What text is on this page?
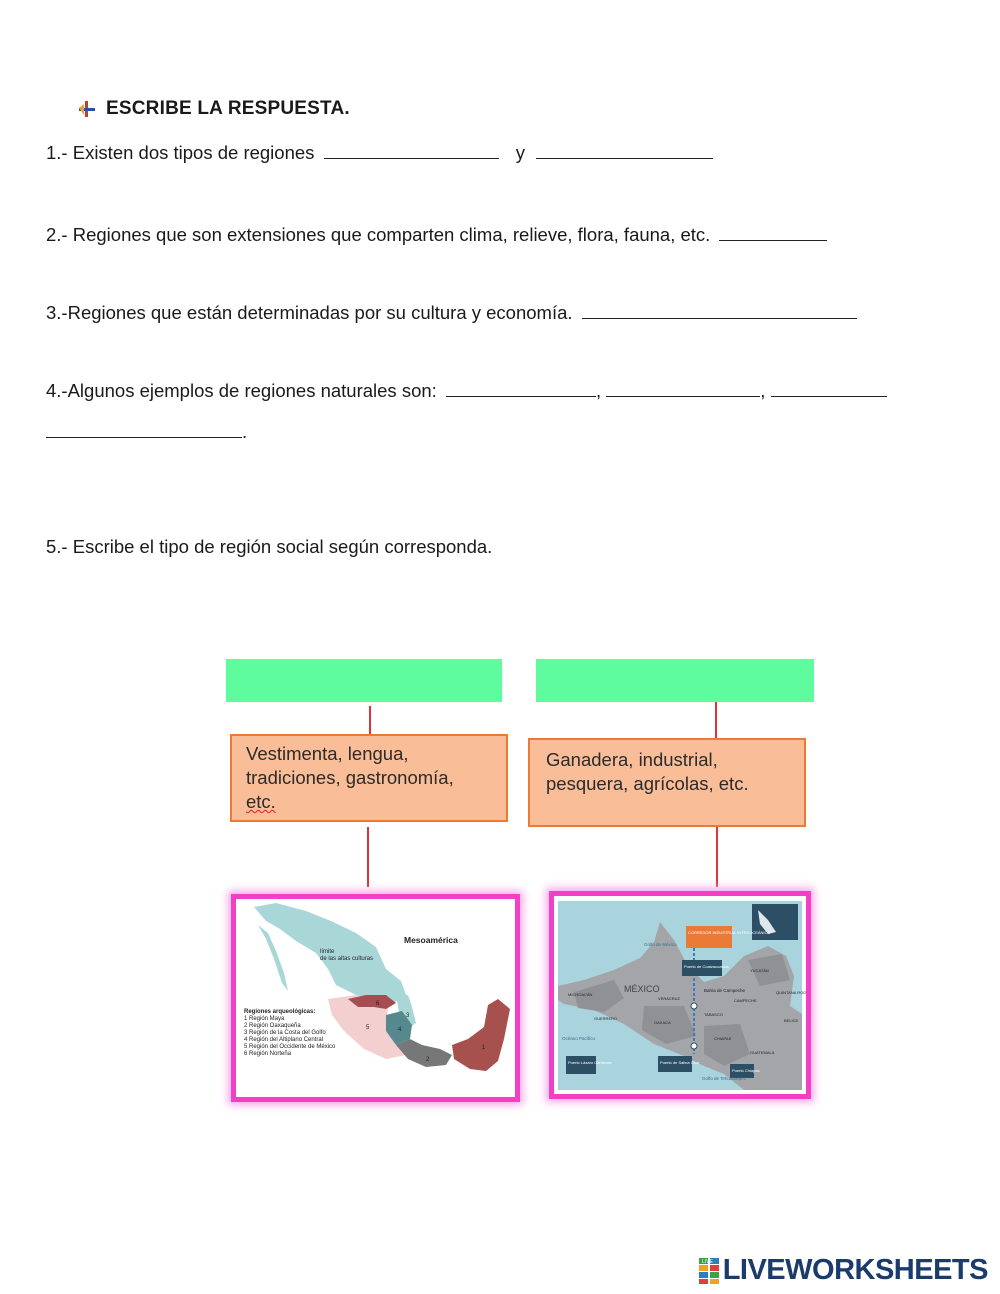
ESCRIBE LA RESPUESTA.
1.- Existen dos tipos de regiones	y
2.- Regiones que son extensiones que comparten clima, relieve, flora, fauna, etc.
3.-Regiones que están determinadas por su cultura y economía.
4.-Algunos ejemplos de regiones naturales son:	,	,
.
5.- Escribe el tipo de región social según corresponda.
Vestimenta, lengua,
tradiciones, gastronomía,
etc.
Ganadera, industrial,
pesquera, agrícolas, etc.
Mesoamérica
límite
de las altas culturas
Regiones arqueológicas:
1 Región Maya
2 Región Oaxaqueña
3 Región de la Costa del Golfo
4 Región del Altiplano Central
5 Región del Occidente de México
6 Región Norteña
1
2
3
4
5
6
CORREDOR INDUSTRIAL INTEROCEÁNICO
Puerto de Coatzacoalcos
Puerto de Salina Cruz
Puerto Lázaro Cárdenas
Puerto Chiapas
MÉXICO
Golfo de México
Bahía de Campeche
Océano Pacífico
Golfo de Tehuantepec
MICHOACÁN
GUERRERO
OAXACA
VERACRUZ
TABASCO
CHIAPAS
CAMPECHE
YUCATÁN
QUINTANA ROO
GUATEMALA
BELICE
LIVE LIVEWORKSHEETS
